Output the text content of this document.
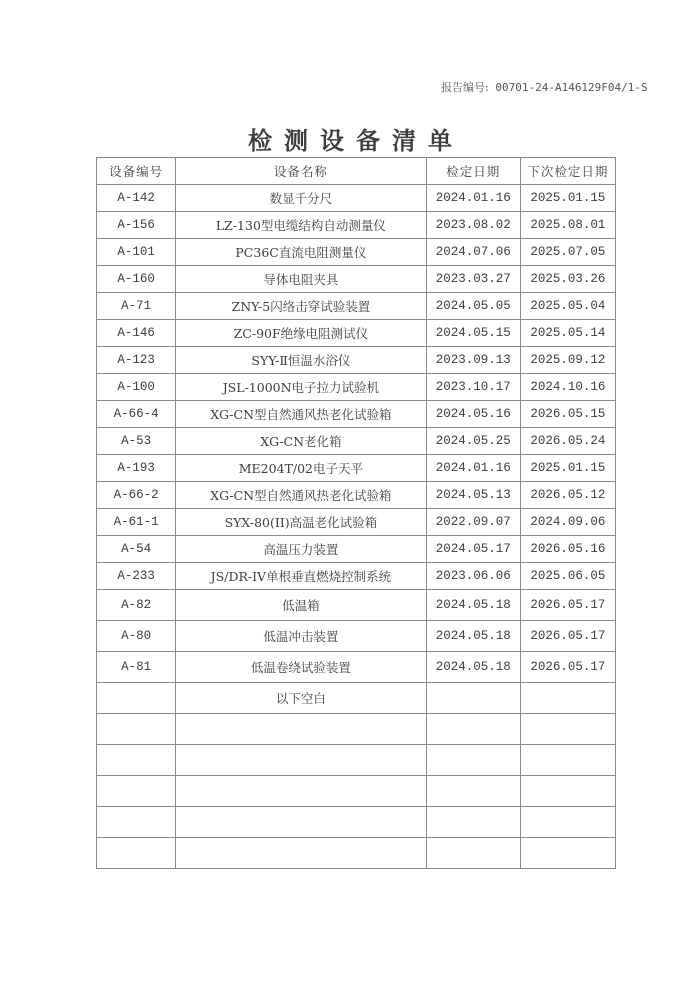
报告编号: 00701-24-A146129F04/1-S
检测设备清单
设备编号	设备名称	检定日期	下次检定日期
A-142	数显千分尺	2024.01.16	2025.01.15
A-156	LZ-130型电缆结构自动测量仪	2023.08.02	2025.08.01
A-101	PC36C直流电阻测量仪	2024.07.06	2025.07.05
A-160	导体电阻夹具	2023.03.27	2025.03.26
A-71	ZNY-5闪络击穿试验装置	2024.05.05	2025.05.04
A-146	ZC-90F绝缘电阻测试仪	2024.05.15	2025.05.14
A-123	SYY-Ⅱ恒温水浴仪	2023.09.13	2025.09.12
A-100	JSL-1000N电子拉力试验机	2023.10.17	2024.10.16
A-66-4	XG-CN型自然通风热老化试验箱	2024.05.16	2026.05.15
A-53	XG-CN老化箱	2024.05.25	2026.05.24
A-193	ME204T/02电子天平	2024.01.16	2025.01.15
A-66-2	XG-CN型自然通风热老化试验箱	2024.05.13	2026.05.12
A-61-1	SYX-80(II)高温老化试验箱	2022.09.07	2024.09.06
A-54	高温压力装置	2024.05.17	2026.05.16
A-233	JS/DR-IV单根垂直燃烧控制系统	2023.06.06	2025.06.05
A-82	低温箱	2024.05.18	2026.05.17
A-80	低温冲击装置	2024.05.18	2026.05.17
A-81	低温卷绕试验装置	2024.05.18	2026.05.17
	以下空白		
